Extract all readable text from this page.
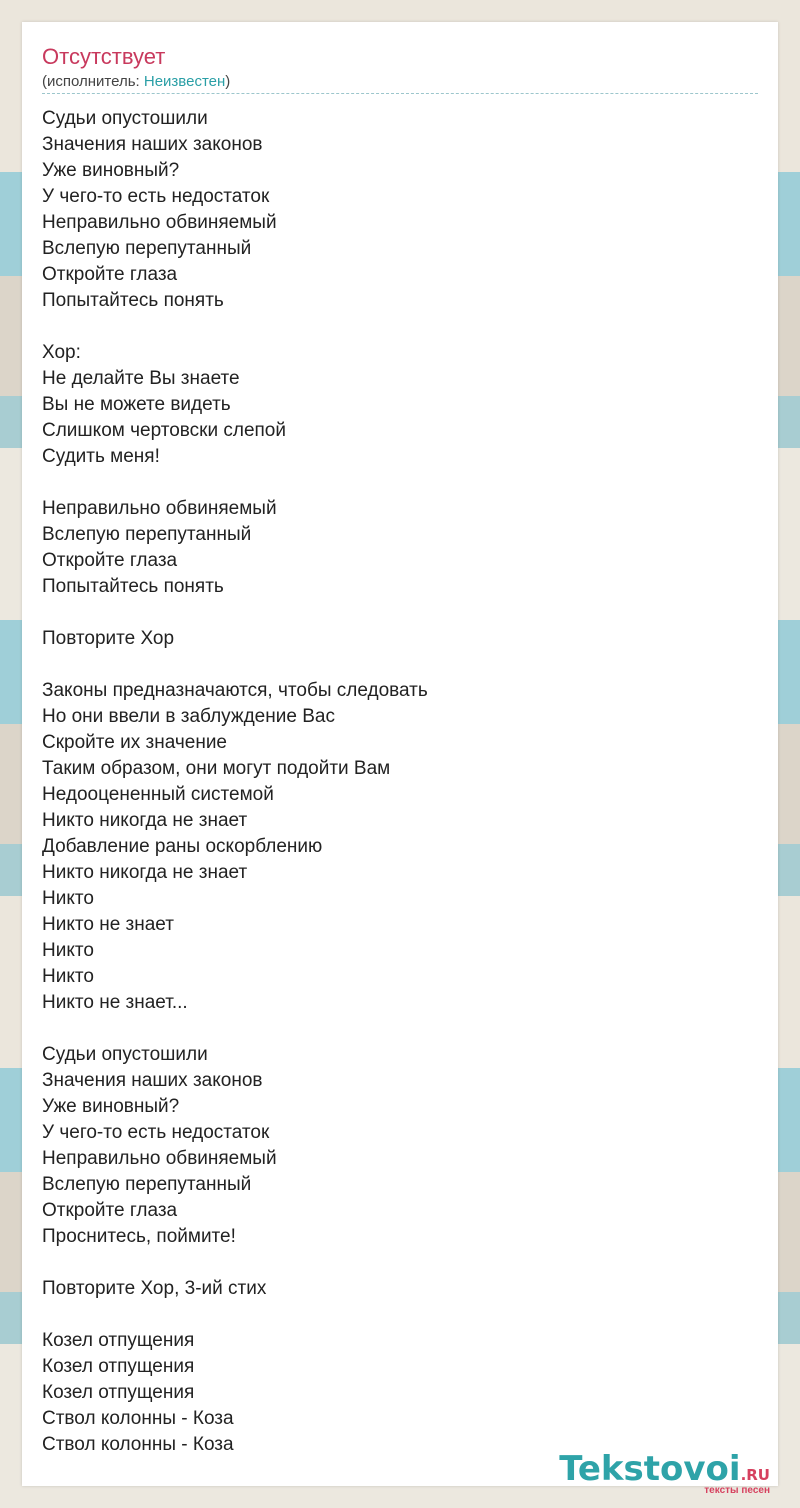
Отсутствует
(исполнитель: Неизвестен)
Судьи опустошили
Значения наших законов
Уже виновный?
У чего-то есть недостаток
Неправильно обвиняемый
Вслепую перепутанный
Откройте глаза
Попытайтесь понять

Хор:
Не делайте Вы знаете
Вы не можете видеть
Слишком чертовски слепой
Судить меня!

Неправильно обвиняемый
Вслепую перепутанный
Откройте глаза
Попытайтесь понять

Повторите Хор

Законы предназначаются, чтобы следовать
Но они ввели в заблуждение Вас
Скройте их значение
Таким образом, они могут подойти Вам
Недооцененный системой
Никто никогда не знает
Добавление раны оскорблению
Никто никогда не знает
Никто
Никто не знает
Никто
Никто
Никто не знает...

Судьи опустошили
Значения наших законов
Уже виновный?
У чего-то есть недостаток
Неправильно обвиняемый
Вслепую перепутанный
Откройте глаза
Проснитесь, поймите!

Повторите Хор, 3-ий стих

Козел отпущения
Козел отпущения
Козел отпущения
Ствол колонны - Коза
Ствол колонны - Коза
Tekstovoi.RU
тексты песен
